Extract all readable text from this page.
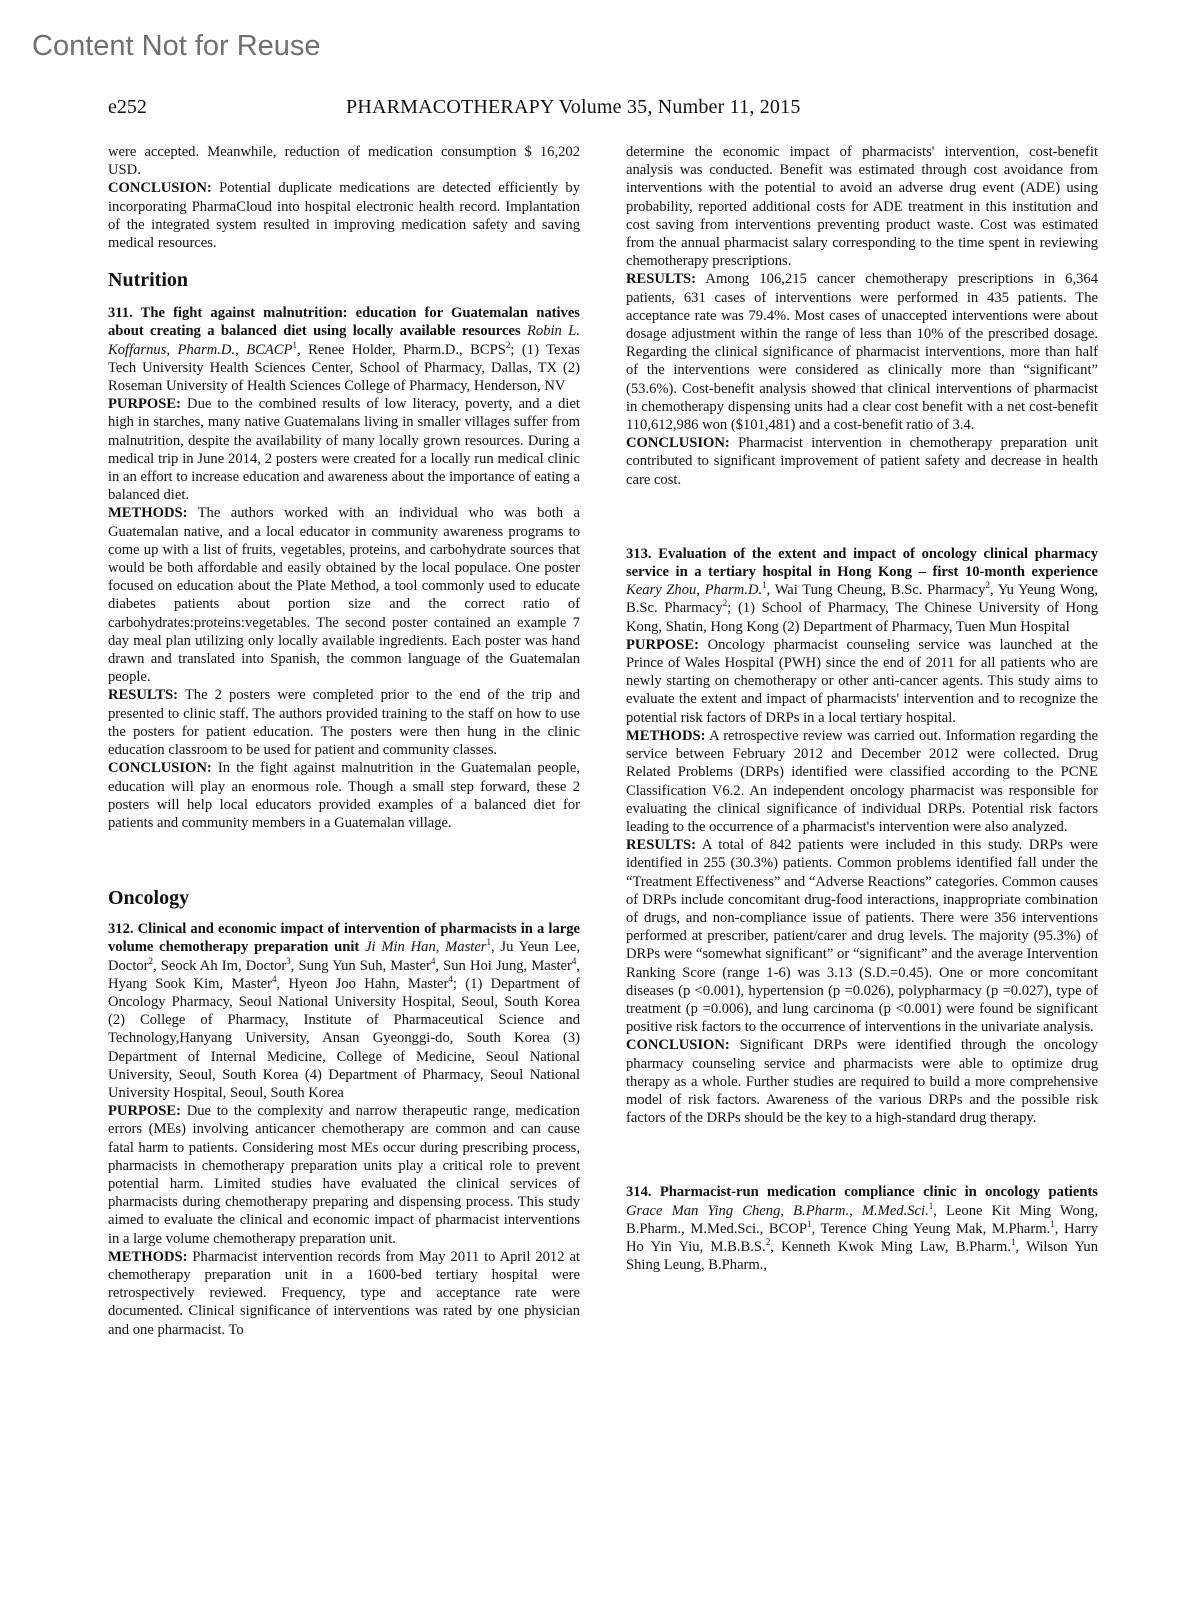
Content Not for Reuse
e252	PHARMACOTHERAPY Volume 35, Number 11, 2015

were accepted. Meanwhile, reduction of medication consumption $ 16,202 USD.

CONCLUSION: Potential duplicate medications are detected efficiently by incorporating PharmaCloud into hospital electronic health record. Implantation of the integrated system resulted in improving medication safety and saving medical resources.

Nutrition

311. The fight against malnutrition: education for Guatemalan natives about creating a balanced diet using locally available resources Robin L. Koffarnus, Pharm.D., BCACP$^1$, Renee Holder, Pharm.D., BCPS$^2$; (1) Texas Tech University Health Sciences Center, School of Pharmacy, Dallas, TX (2) Roseman University of Health Sciences College of Pharmacy, Henderson, NV

PURPOSE: Due to the combined results of low literacy, poverty, and a diet high in starches, many native Guatemalans living in smaller villages suffer from malnutrition, despite the availability of many locally grown resources. During a medical trip in June 2014, 2 posters were created for a locally run medical clinic in an effort to increase education and awareness about the importance of eating a balanced diet.

METHODS: The authors worked with an individual who was both a Guatemalan native, and a local educator in community awareness programs to come up with a list of fruits, vegetables, proteins, and carbohydrate sources that would be both affordable and easily obtained by the local populace. One poster focused on education about the Plate Method, a tool commonly used to educate diabetes patients about portion size and the correct ratio of carbohydrates:proteins:vegetables. The second poster contained an example 7 day meal plan utilizing only locally available ingredients. Each poster was hand drawn and translated into Spanish, the common language of the Guatemalan people.

RESULTS: The 2 posters were completed prior to the end of the trip and presented to clinic staff. The authors provided training to the staff on how to use the posters for patient education. The posters were then hung in the clinic education classroom to be used for patient and community classes.

CONCLUSION: In the fight against malnutrition in the Guatemalan people, education will play an enormous role. Though a small step forward, these 2 posters will help local educators provided examples of a balanced diet for patients and community members in a Guatemalan village.

Oncology

312. Clinical and economic impact of intervention of pharmacists in a large volume chemotherapy preparation unit Ji Min Han, Master$^1$, Ju Yeun Lee, Doctor$^2$, Seock Ah Im, Doctor$^3$, Sung Yun Suh, Master$^4$, Sun Hoi Jung, Master$^4$, Hyang Sook Kim, Master$^4$, Hyeon Joo Hahn, Master$^4$; (1) Department of Oncology Pharmacy, Seoul National University Hospital, Seoul, South Korea (2) College of Pharmacy, Institute of Pharmaceutical Science and Technology,Hanyang University, Ansan Gyeonggi-do, South Korea (3) Department of Internal Medicine, College of Medicine, Seoul National University, Seoul, South Korea (4) Department of Pharmacy, Seoul National University Hospital, Seoul, South Korea

PURPOSE: Due to the complexity and narrow therapeutic range, medication errors (MEs) involving anticancer chemotherapy are common and can cause fatal harm to patients. Considering most MEs occur during prescribing process, pharmacists in chemotherapy preparation units play a critical role to prevent potential harm. Limited studies have evaluated the clinical services of pharmacists during chemotherapy preparing and dispensing process. This study aimed to evaluate the clinical and economic impact of pharmacist interventions in a large volume chemotherapy preparation unit.

METHODS: Pharmacist intervention records from May 2011 to April 2012 at chemotherapy preparation unit in a 1600-bed tertiary hospital were retrospectively reviewed. Frequency, type and acceptance rate were documented. Clinical significance of interventions was rated by one physician and one pharmacist. To

determine the economic impact of pharmacists' intervention, cost-benefit analysis was conducted. Benefit was estimated through cost avoidance from interventions with the potential to avoid an adverse drug event (ADE) using probability, reported additional costs for ADE treatment in this institution and cost saving from interventions preventing product waste. Cost was estimated from the annual pharmacist salary corresponding to the time spent in reviewing chemotherapy prescriptions.

RESULTS: Among 106,215 cancer chemotherapy prescriptions in 6,364 patients, 631 cases of interventions were performed in 435 patients. The acceptance rate was 79.4%. Most cases of unaccepted interventions were about dosage adjustment within the range of less than 10% of the prescribed dosage. Regarding the clinical significance of pharmacist interventions, more than half of the interventions were considered as clinically more than “significant” (53.6%). Cost-benefit analysis showed that clinical interventions of pharmacist in chemotherapy dispensing units had a clear cost benefit with a net cost-benefit 110,612,986 won ($101,481) and a cost-benefit ratio of 3.4.

CONCLUSION: Pharmacist intervention in chemotherapy preparation unit contributed to significant improvement of patient safety and decrease in health care cost.

313. Evaluation of the extent and impact of oncology clinical pharmacy service in a tertiary hospital in Hong Kong – first 10-month experience Keary Zhou, Pharm.D.$^1$, Wai Tung Cheung, B.Sc. Pharmacy$^2$, Yu Yeung Wong, B.Sc. Pharmacy$^2$; (1) School of Pharmacy, The Chinese University of Hong Kong, Shatin, Hong Kong (2) Department of Pharmacy, Tuen Mun Hospital

PURPOSE: Oncology pharmacist counseling service was launched at the Prince of Wales Hospital (PWH) since the end of 2011 for all patients who are newly starting on chemotherapy or other anti-cancer agents. This study aims to evaluate the extent and impact of pharmacists' intervention and to recognize the potential risk factors of DRPs in a local tertiary hospital.

METHODS: A retrospective review was carried out. Information regarding the service between February 2012 and December 2012 were collected. Drug Related Problems (DRPs) identified were classified according to the PCNE Classification V6.2. An independent oncology pharmacist was responsible for evaluating the clinical significance of individual DRPs. Potential risk factors leading to the occurrence of a pharmacist's intervention were also analyzed.

RESULTS: A total of 842 patients were included in this study. DRPs were identified in 255 (30.3%) patients. Common problems identified fall under the “Treatment Effectiveness” and “Adverse Reactions” categories. Common causes of DRPs include concomitant drug-food interactions, inappropriate combination of drugs, and non-compliance issue of patients. There were 356 interventions performed at prescriber, patient/carer and drug levels. The majority (95.3%) of DRPs were “somewhat significant” or “significant” and the average Intervention Ranking Score (range 1-6) was 3.13 (S.D.=0.45). One or more concomitant diseases (p <0.001), hypertension (p =0.026), polypharmacy (p =0.027), type of treatment (p =0.006), and lung carcinoma (p <0.001) were found be significant positive risk factors to the occurrence of interventions in the univariate analysis.

CONCLUSION: Significant DRPs were identified through the oncology pharmacy counseling service and pharmacists were able to optimize drug therapy as a whole. Further studies are required to build a more comprehensive model of risk factors. Awareness of the various DRPs and the possible risk factors of the DRPs should be the key to a high-standard drug therapy.

314. Pharmacist-run medication compliance clinic in oncology patients Grace Man Ying Cheng, B.Pharm., M.Med.Sci.$^1$, Leone Kit Ming Wong, B.Pharm., M.Med.Sci., BCOP$^1$, Terence Ching Yeung Mak, M.Pharm.$^1$, Harry Ho Yin Yiu, M.B.B.S.$^2$, Kenneth Kwok Ming Law, B.Pharm.$^1$, Wilson Yun Shing Leung, B.Pharm.,
